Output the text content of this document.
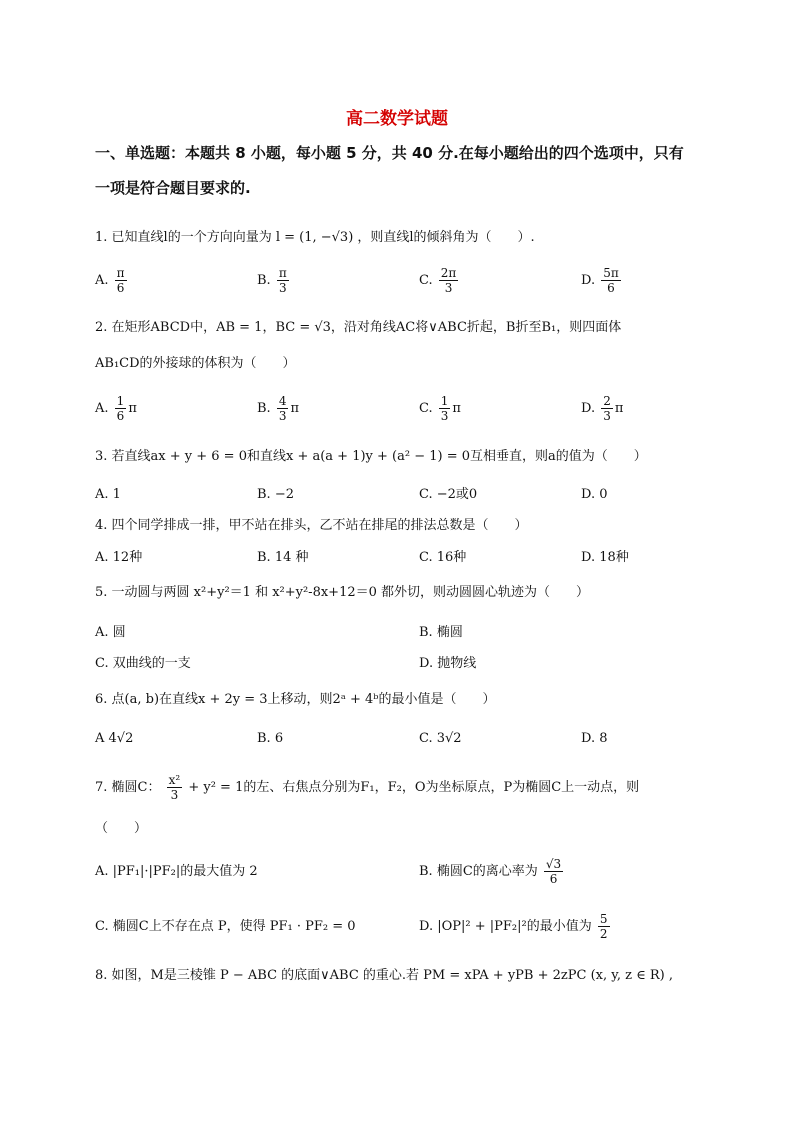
高二数学试题
一、单选题：本题共 8 小题，每小题 5 分，共 40 分.在每小题给出的四个选项中，只有
一项是符合题目要求的.
1. 已知直线l的一个方向向量为 l = (1, −√3) ，则直线l的倾斜角为（　　）.
A. $\frac{\pi}{6}$	B. $\frac{\pi}{3}$	C. $\frac{2\pi}{3}$	D. $\frac{5\pi}{6}$
2. 在矩形ABCD中，AB = 1，BC = √3，沿对角线AC将∨ABC折起，B折至B₁，则四面体
AB₁CD的外接球的体积为（　　）
A. $\frac{1}{6}$ π	B. $\frac{4}{3}$ π	C. $\frac{1}{3}$ π	D. $\frac{2}{3}$ π
3. 若直线ax + y + 6 = 0和直线x + a(a + 1)y + (a² − 1) = 0互相垂直，则a的值为（　　）
A. 1	B. −2	C. −2或0	D. 0
4. 四个同学排成一排，甲不站在排头，乙不站在排尾的排法总数是（　　）
A. 12种	B. 14 种	C. 16种	D. 18种
5. 一动圆与两圆 x²+y²＝1 和 x²+y²-8x+12＝0 都外切，则动圆圆心轨迹为（　　）
A. 圆	B. 椭圆
C. 双曲线的一支	D. 抛物线
6. 点(a, b)在直线x + 2y = 3上移动，则2ᵃ + 4ᵇ的最小值是（　　）
A 4√2	B. 6	C. 3√2	D. 8
7. 椭圆C： $\frac{\text{x²}}{3} + y^2 = 1$的左、右焦点分别为F₁，F₂，O为坐标原点，P为椭圆C上一动点，则
（　　）
A. |PF₁|·|PF₂|的最大值为 2	B. 椭圆C的离心率为 $\frac{√3}{6}$
C. 椭圆C上不存在点 P，使得 PF₁ · PF₂ = 0	D. |OP|² + |PF₂|²的最小值为 $\frac{5}{2}$
8. 如图，M是三棱锥 P − ABC 的底面∨ABC 的重心.若 PM = xPA + yPB + 2zPC (x, y, z ∈ R) ,
